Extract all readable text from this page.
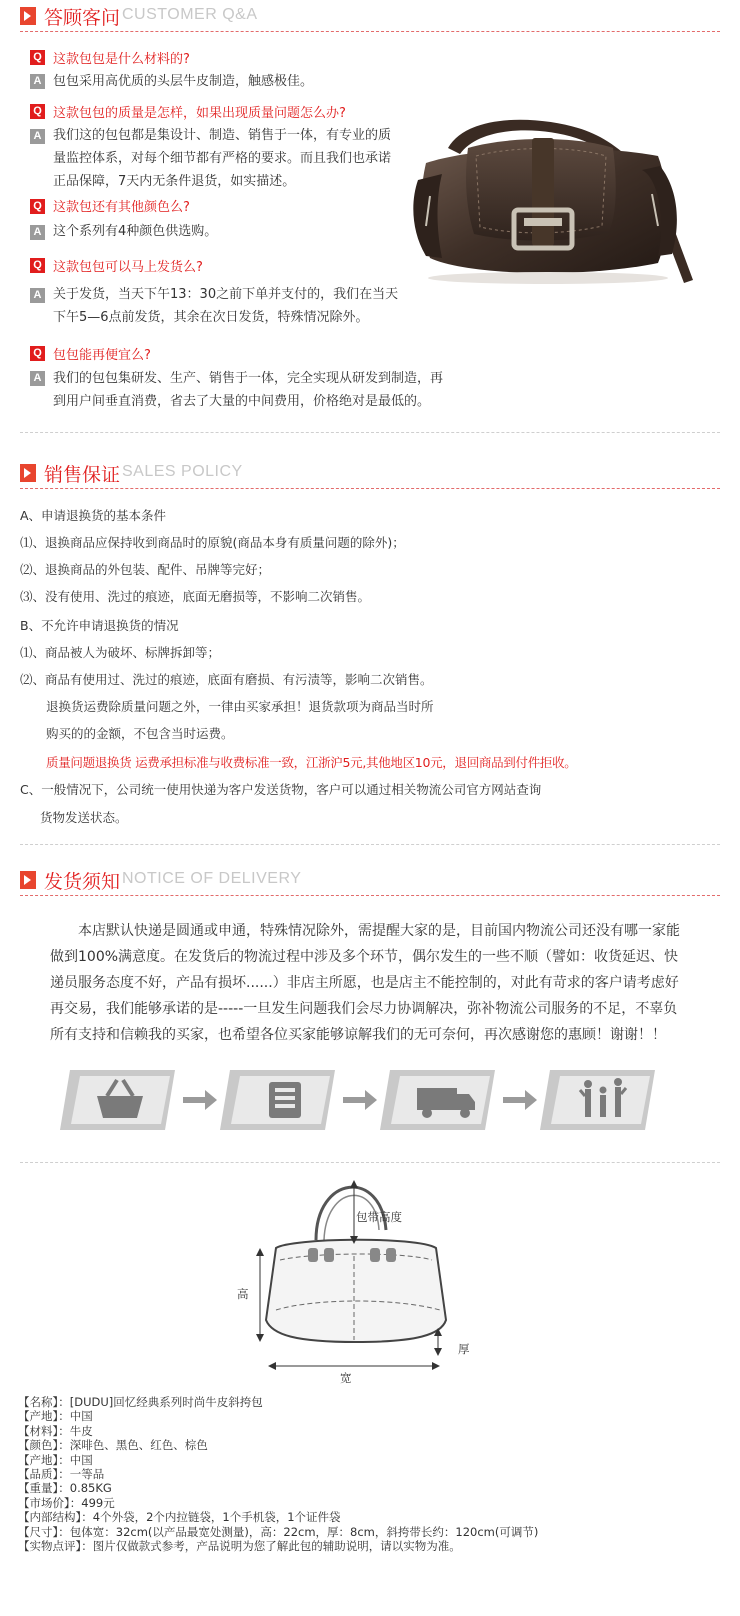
答顾客问 CUSTOMER Q&A
Q 这款包包是什么材料的?
A 包包采用高优质的头层牛皮制造，触感极佳。
Q 这款包包的质量是怎样，如果出现质量问题怎么办?
A 我们这的包包都是集设计、制造、销售于一体，有专业的质
量监控体系，对每个细节都有严格的要求。而且我们也承诺
正品保障，7天内无条件退货，如实描述。
Q 这款包还有其他颜色么?
A 这个系列有4种颜色供选购。
Q 这款包包可以马上发货么?
A 关于发货，当天下午13：30之前下单并支付的，我们在当天
下午5—6点前发货，其余在次日发货，特殊情况除外。
Q 包包能再便宜么?
A 我们的包包集研发、生产、销售于一体，完全实现从研发到制造，再
到用户间垂直消费，省去了大量的中间费用，价格绝对是最低的。
销售保证 SALES POLICY
A、申请退换货的基本条件
⑴、退换商品应保持收到商品时的原貌(商品本身有质量问题的除外)；
⑵、退换商品的外包装、配件、吊牌等完好；
⑶、没有使用、洗过的痕迹，底面无磨损等，不影响二次销售。
B、不允许申请退换货的情况
⑴、商品被人为破坏、标牌拆卸等；
⑵、商品有使用过、洗过的痕迹，底面有磨损、有污渍等，影响二次销售。
退换货运费除质量问题之外，一律由买家承担！退货款项为商品当时所
购买的的金额，不包含当时运费。
质量问题退换货 运费承担标准与收费标准一致，江浙沪5元,其他地区10元，退回商品到付件拒收。
C、一般情况下，公司统一使用快递为客户发送货物，客户可以通过相关物流公司官方网站查询
货物发送状态。
发货须知 NOTICE OF DELIVERY
本店默认快递是圆通或申通，特殊情况除外，需提醒大家的是，目前国内物流公司还没有哪一家能做到100%满意度。在发货后的物流过程中涉及多个环节，偶尔发生的一些不顺（譬如：收货延迟、快递员服务态度不好，产品有损坏......）非店主所愿，也是店主不能控制的，对此有苛求的客户请考虑好再交易，我们能够承诺的是-----一旦发生问题我们会尽力协调解决，弥补物流公司服务的不足，不辜负所有支持和信赖我的买家，也希望各位买家能够谅解我们的无可奈何，再次感谢您的惠顾！谢谢！！
包带高度
高
厚
宽
【名称】：[DUDU]回忆经典系列时尚牛皮斜挎包
【产地】：中国
【材料】：牛皮
【颜色】：深啡色、黑色、红色、棕色
【产地】：中国
【品质】：一等品
【重量】：0.85KG
【市场价】：499元
【内部结构】：4个外袋，2个内拉链袋，1个手机袋，1个证件袋
【尺寸】：包体宽：32cm(以产品最宽处测量)，高：22cm，厚：8cm，斜挎带长约：120cm(可调节)
【实物点评】：图片仅做款式参考，产品说明为您了解此包的辅助说明，请以实物为准。
